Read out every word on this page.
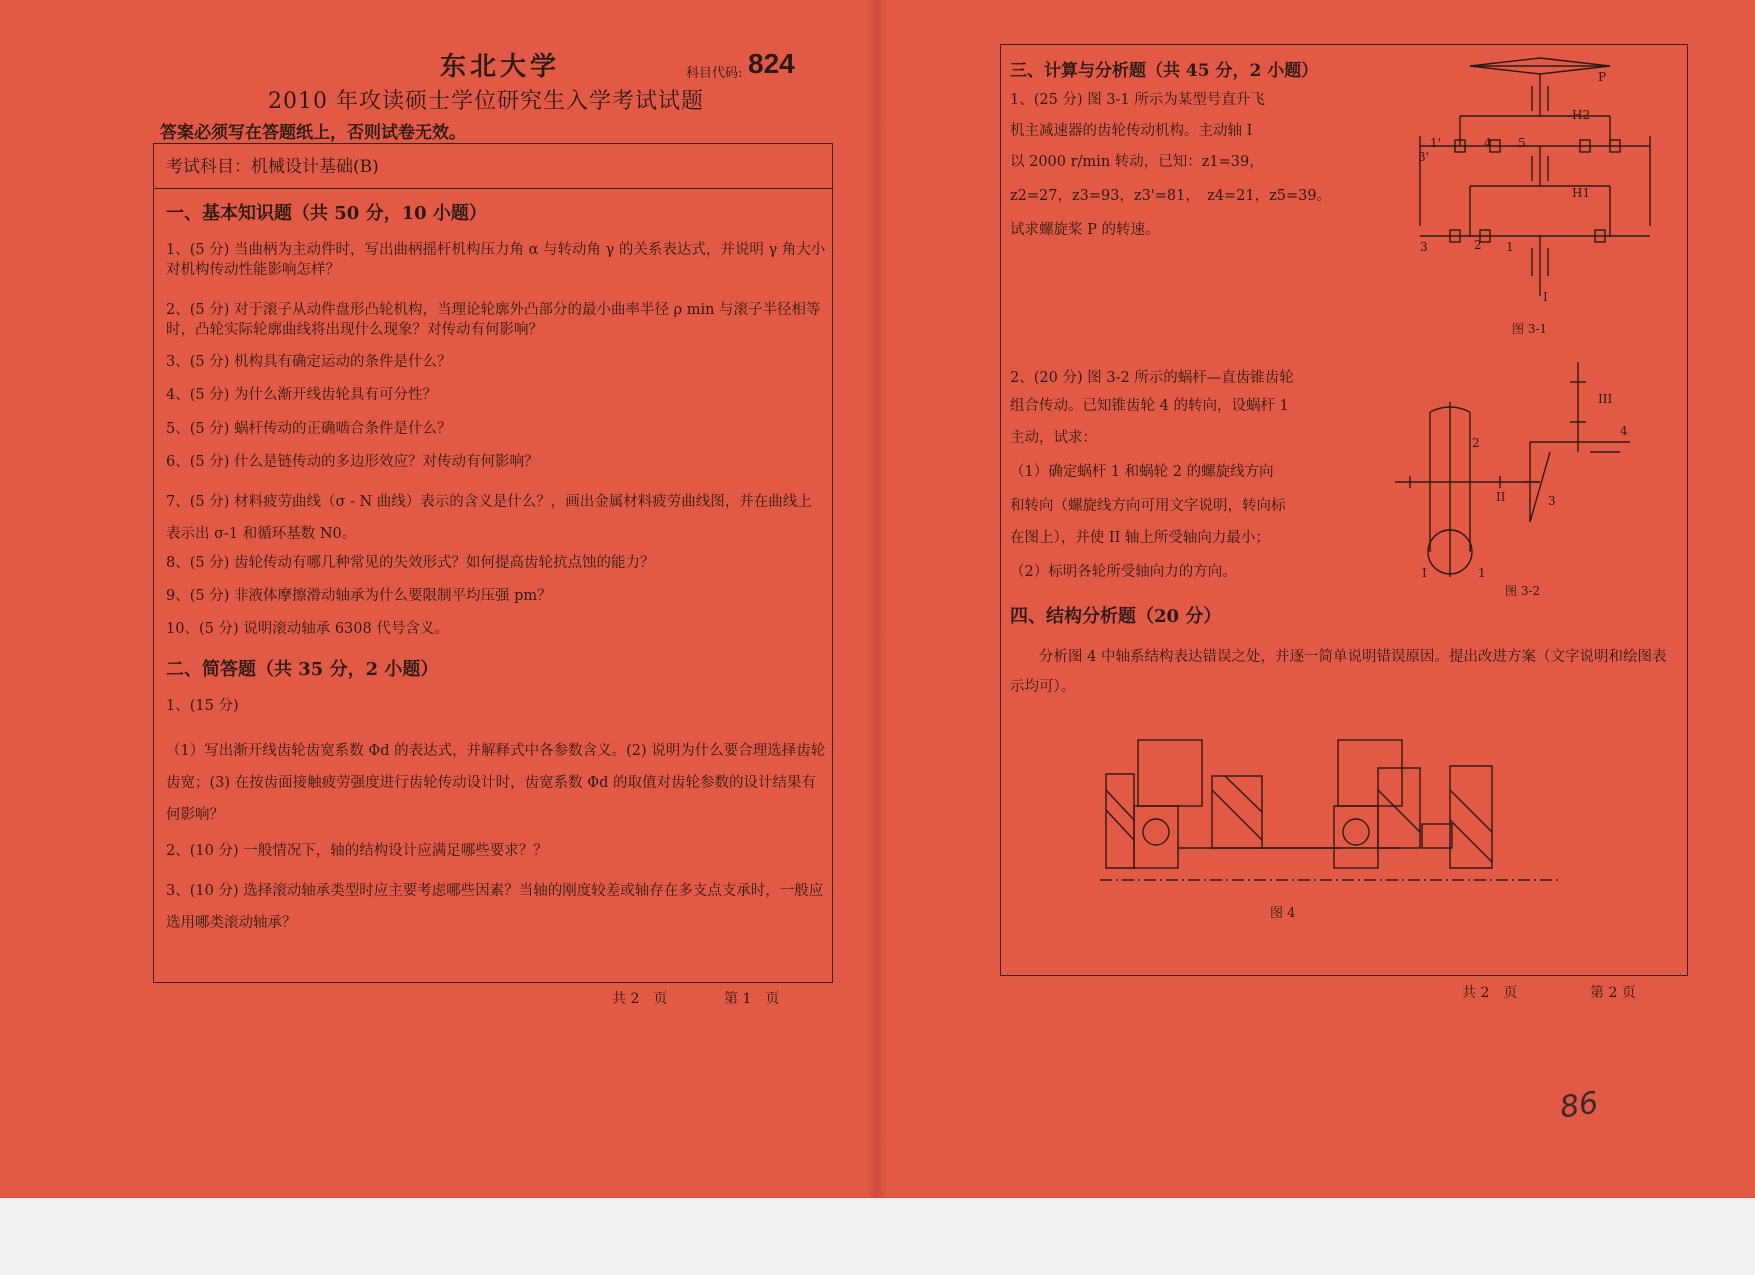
东北大学	科目代码: 824
2010 年攻读硕士学位研究生入学考试试题
答案必须写在答题纸上，否则试卷无效。
考试科目：机械设计基础(B)
一、基本知识题（共 50 分，10 小题）
1、(5 分) 当曲柄为主动件时，写出曲柄摇杆机构压力角 α 与转动角 γ 的关系表达式，并说明 γ 角大小对机构传动性能影响怎样？
2、(5 分) 对于滚子从动件盘形凸轮机构，当理论轮廓外凸部分的最小曲率半径 ρ min 与滚子半径相等时，凸轮实际轮廓曲线将出现什么现象？对传动有何影响？
3、(5 分) 机构具有确定运动的条件是什么？
4、(5 分) 为什么渐开线齿轮具有可分性？
5、(5 分) 蜗杆传动的正确啮合条件是什么？
6、(5 分) 什么是链传动的多边形效应？对传动有何影响？
7、(5 分) 材料疲劳曲线（σ - N 曲线）表示的含义是什么？，画出金属材料疲劳曲线图，并在曲线上表示出 σ-1 和循环基数 N0。
8、(5 分) 齿轮传动有哪几种常见的失效形式？如何提高齿轮抗点蚀的能力？
9、(5 分) 非液体摩擦滑动轴承为什么要限制平均压强 pm？
10、(5 分) 说明滚动轴承 6308 代号含义。
二、简答题（共 35 分，2 小题）
1、(15 分)
（1）写出渐开线齿轮齿宽系数 Φd 的表达式，并解释式中各参数含义。(2) 说明为什么要合理选择齿轮齿宽；(3) 在按齿面接触疲劳强度进行齿轮传动设计时，齿宽系数 Φd 的取值对齿轮参数的设计结果有何影响？
2、(10 分) 一般情况下，轴的结构设计应满足哪些要求？？
3、(10 分) 选择滚动轴承类型时应主要考虑哪些因素？当轴的刚度较差或轴存在多支点支承时，一般应选用哪类滚动轴承？
共 2　页	第 1　页
三、计算与分析题（共 45 分，2 小题）
1、(25 分) 图 3-1 所示为某型号直升飞
机主减速器的齿轮传动机构。主动轴 I
以 2000 r/min 转动，已知：z1=39，
z2=27，z3=93，z3'=81，　z4=21，z5=39。
试求螺旋桨 P 的转速。
P
H2
H1
1'	4 5
3'
3	2 1
I
图 3-1
2、(20 分) 图 3-2 所示的蜗杆—直齿锥齿轮
组合传动。已知锥齿轮 4 的转向，设蜗杆 1
主动，试求：
（1）确定蜗杆 1 和蜗轮 2 的螺旋线方向
和转向（螺旋线方向可用文字说明，转向标
在图上），并使 II 轴上所受轴向力最小；
（2）标明各轮所受轴向力的方向。
2
III
4
II	3
1
I
图 3-2
四、结构分析题（20 分）
分析图 4 中轴系结构表达错误之处，并逐一简单说明错误原因。提出改进方案（文字说明和绘图表示均可）。
图 4
共 2　页	第 2 页
86
